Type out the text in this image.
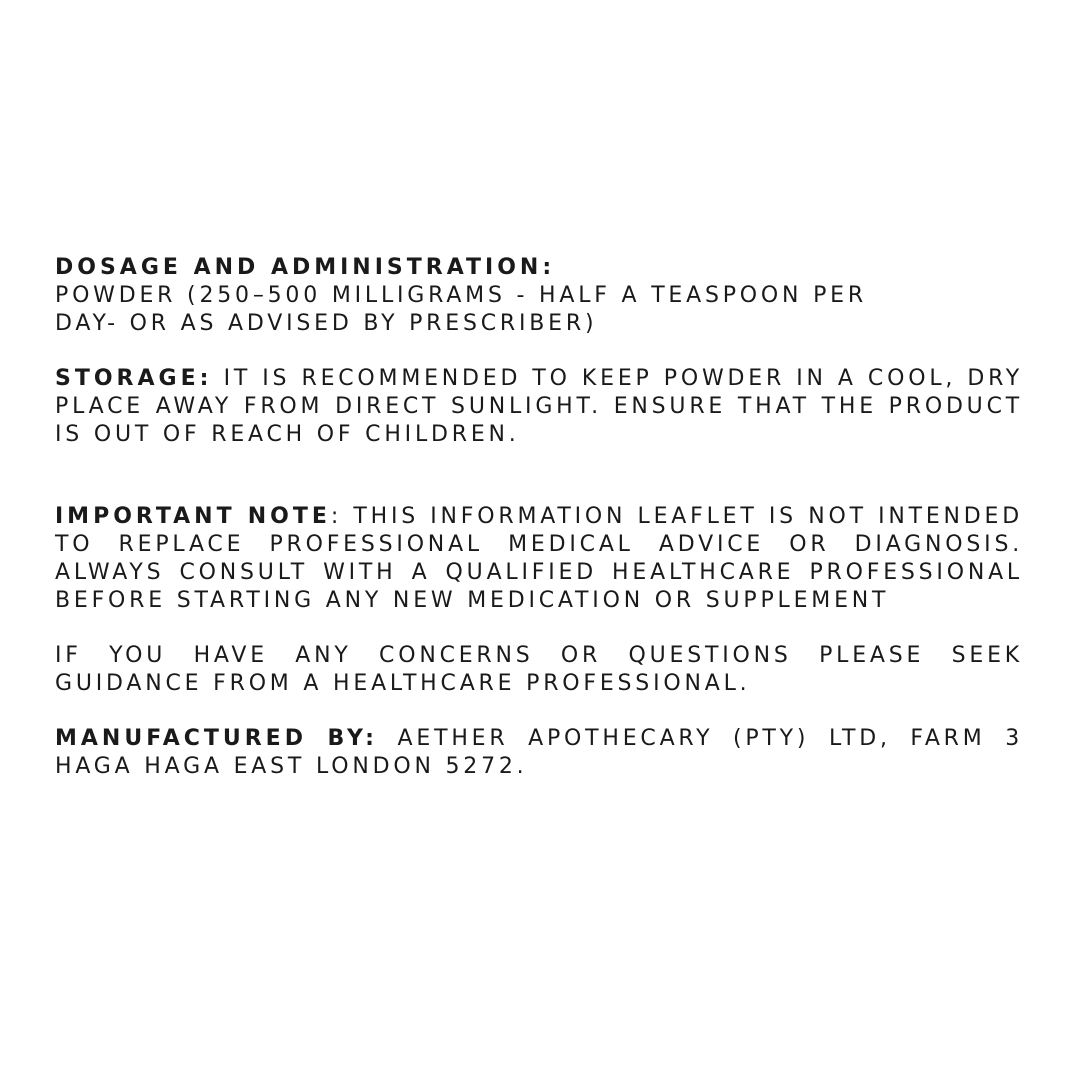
DOSAGE AND ADMINISTRATION:
POWDER (250–500 MILLIGRAMS - HALF A TEASPOON PER
DAY- OR AS ADVISED BY PRESCRIBER)

STORAGE: IT IS RECOMMENDED TO KEEP POWDER IN A COOL, DRY PLACE AWAY FROM DIRECT SUNLIGHT. ENSURE THAT THE PRODUCT IS OUT OF REACH OF CHILDREN.

IMPORTANT NOTE: THIS INFORMATION LEAFLET IS NOT INTENDED TO REPLACE PROFESSIONAL MEDICAL ADVICE OR DIAGNOSIS. ALWAYS CONSULT WITH A QUALIFIED HEALTHCARE PROFESSIONAL BEFORE STARTING ANY NEW MEDICATION OR SUPPLEMENT

IF YOU HAVE ANY CONCERNS OR QUESTIONS PLEASE SEEK GUIDANCE FROM A HEALTHCARE PROFESSIONAL.

MANUFACTURED BY: AETHER APOTHECARY (PTY) LTD, FARM 3 HAGA HAGA EAST LONDON 5272.
